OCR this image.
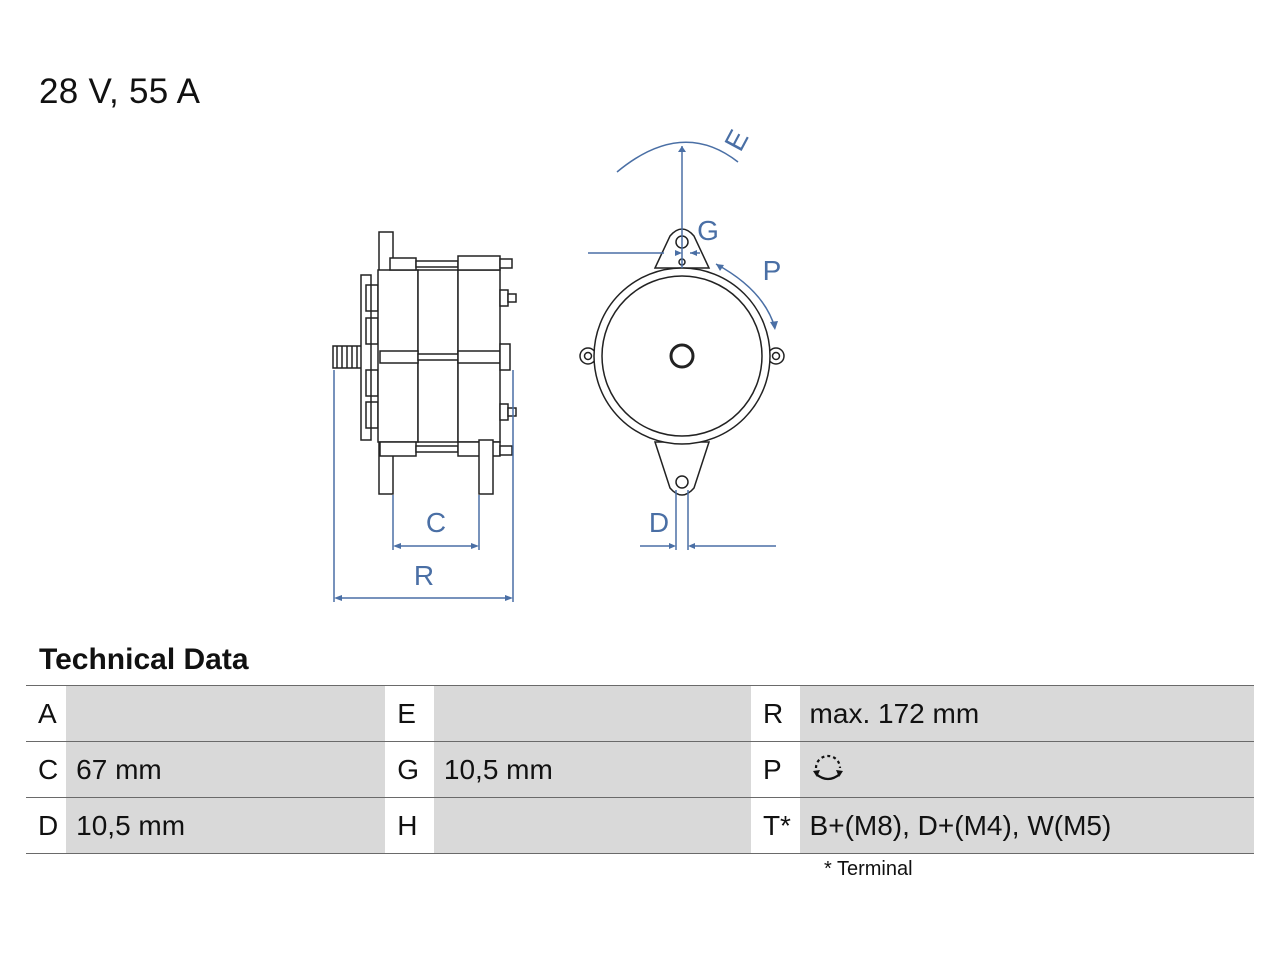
28 V, 55 A
C
R
E
G
P
D
Technical Data
A		E		R	max. 172 mm
C	67 mm	G	10,5 mm	P	
D	10,5 mm	H		T*	B+(M8), D+(M4), W(M5)
* Terminal
